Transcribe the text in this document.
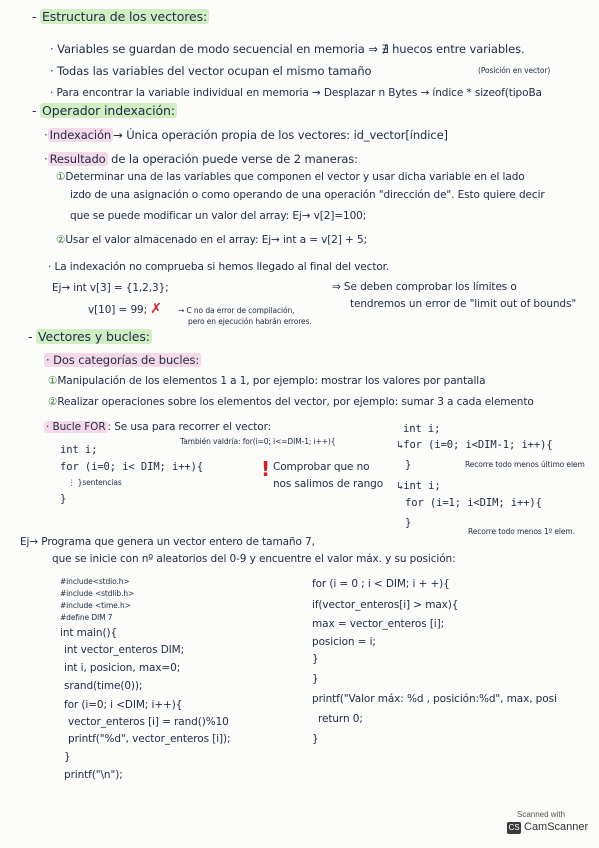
- Estructura de los vectores:
· Variables se guardan de modo secuencial en memoria ⇒ ∄ huecos entre variables.
· Todas las variables del vector ocupan el mismo tamaño	(Posición en vector)
· Para encontrar la variable individual en memoria → Desplazar n Bytes → índice * sizeof(tipoBa
- Operador indexación:
· Indexación → Única operación propia de los vectores: id_vector[índice]
· Resultado de la operación puede verse de 2 maneras:
①Determinar una de las variables que componen el vector y usar dicha variable en el lado
izdo de una asignación o como operando de una operación "dirección de". Esto quiere decir
que se puede modificar un valor del array: Ej→ v[2]=100;
②Usar el valor almacenado en el array: Ej→ int a = v[2] + 5;
· La indexación no comprueba si hemos llegado al final del vector.
Ej→ int v[3] = {1,2,3};
v[10] = 99; ✗ → C no da error de compilación,
pero en ejecución habrán errores.
⇒ Se deben comprobar los límites o
tendremos un error de "limit out of bounds"
- Vectores y bucles:
· Dos categorías de bucles:
①Manipulación de los elementos 1 a 1, por ejemplo: mostrar los valores por pantalla
②Realizar operaciones sobre los elementos del vector, por ejemplo: sumar 3 a cada elemento
· Bucle FOR : Se usa para recorrer el vector:
También valdría: for(i=0; i<=DIM-1; i++){
int i;
for (i=0; i< DIM; i++){
⋮ }sentencias
}
! Comprobar que no
nos salimos de rango
int i;
↳for (i=0; i<DIM-1; i++){
}	Recorre todo menos último elem
↳int i;
for (i=1; i<DIM; i++){
}
Recorre todo menos 1º elem.
Ej→ Programa que genera un vector entero de tamaño 7,
que se inicie con nº aleatorios del 0-9 y encuentre el valor máx. y su posición:
#include<stdio.h>
#include <stdlib.h>
#include <time.h>
#define DIM 7
int main(){
int vector_enteros DIM;
int i, posicion, max=0;
srand(time(0));
for (i=0; i <DIM; i++){
vector_enteros [i] = rand()%10
printf("%d", vector_enteros [i]);
}
printf("\n");
for (i = 0 ; i < DIM; i + +){
if(vector_enteros[i] > max){
max = vector_enteros [i];
posicion = i;
}
}
printf("Valor máx: %d , posición:%d", max, posi
return 0;
}
Scanned with
CS CamScanner
